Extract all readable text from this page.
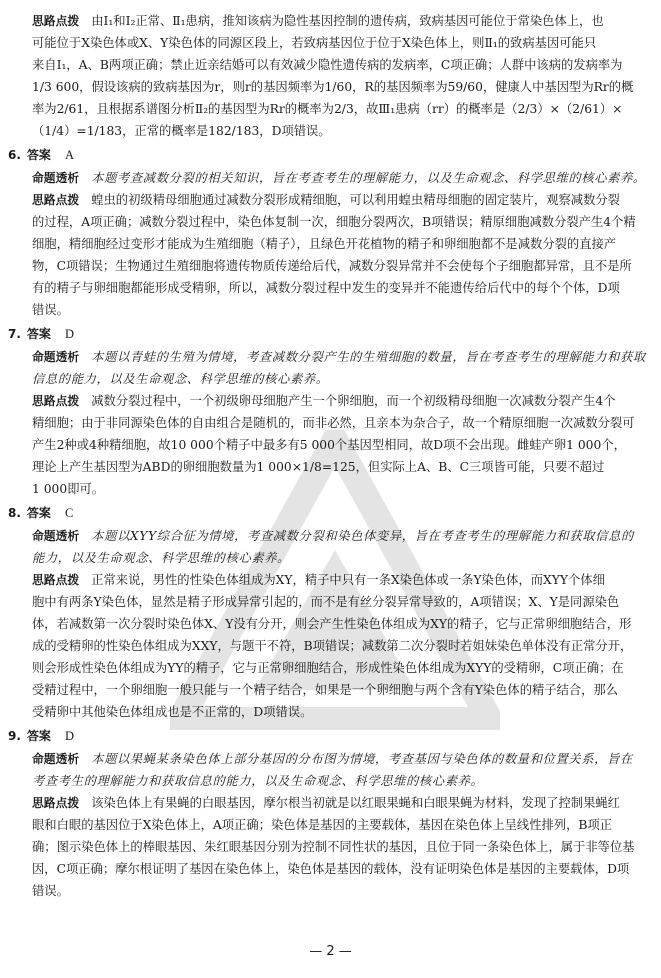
思路点拨 由Ⅰ₁和Ⅰ₂正常、Ⅱ₁患病，推知该病为隐性基因控制的遗传病，致病基因可能位于常染色体上，也

可能位于X染色体或X、Y染色体的同源区段上，若致病基因位于位于X染色体上，则Ⅱ₁的致病基因可能只

来自Ⅰ₁，A、B两项正确；禁止近亲结婚可以有效减少隐性遗传病的发病率，C项正确；人群中该病的发病率为

1/3 600，假设该病的致病基因为r，则r的基因频率为1/60，R的基因频率为59/60，健康人中基因型为Rr的概

率为2/61，且根据系谱图分析Ⅱ₂的基因型为Rr的概率为2/3，故Ⅲ₁患病（rr）的概率是（2/3）×（2/61）×

（1/4）=1/183，正常的概率是182/183，D项错误。

6. 答案 A

命题透析 本题考查减数分裂的相关知识，旨在考查考生的理解能力，以及生命观念、科学思维的核心素养。

思路点拨 蝗虫的初级精母细胞通过减数分裂形成精细胞，可以利用蝗虫精母细胞的固定装片，观察减数分裂

的过程，A项正确；减数分裂过程中，染色体复制一次，细胞分裂两次，B项错误；精原细胞减数分裂产生4个精

细胞，精细胞经过变形才能成为生殖细胞（精子），且绿色开花植物的精子和卵细胞都不是减数分裂的直接产

物，C项错误；生物通过生殖细胞将遗传物质传递给后代，减数分裂异常并不会使每个子细胞都异常，且不是所

有的精子与卵细胞都能形成受精卵，所以，减数分裂过程中发生的变异并不能遗传给后代中的每个个体，D项

错误。

7. 答案 D

命题透析 本题以青蛙的生殖为情境，考查减数分裂产生的生殖细胞的数量，旨在考查考生的理解能力和获取

信息的能力，以及生命观念、科学思维的核心素养。

思路点拨 减数分裂过程中，一个初级卵母细胞产生一个卵细胞，而一个初级精母细胞一次减数分裂产生4个

精细胞；由于非同源染色体的自由组合是随机的，而非必然，且亲本为杂合子，故一个精原细胞一次减数分裂可

产生2种或4种精细胞，故10 000个精子中最多有5 000个基因型相同，故D项不会出现。雌蛙产卵1 000个，

理论上产生基因型为ABD的卵细胞数量为1 000×1/8=125，但实际上A、B、C三项皆可能，只要不超过

1 000即可。

8. 答案 C

命题透析 本题以XYY综合征为情境，考查减数分裂和染色体变异，旨在考查考生的理解能力和获取信息的

能力，以及生命观念、科学思维的核心素养。

思路点拨 正常来说，男性的性染色体组成为XY，精子中只有一条X染色体或一条Y染色体，而XYY个体细

胞中有两条Y染色体，显然是精子形成异常引起的，而不是有丝分裂异常导致的，A项错误；X、Y是同源染色

体，若减数第一次分裂时染色体X、Y没有分开，则会产生性染色体组成为XY的精子，它与正常卵细胞结合，形

成的受精卵的性染色体组成为XXY，与题干不符，B项错误；减数第二次分裂时若姐妹染色单体没有正常分开，

则会形成性染色体组成为YY的精子，它与正常卵细胞结合，形成性染色体组成为XYY的受精卵，C项正确；在

受精过程中，一个卵细胞一般只能与一个精子结合，如果是一个卵细胞与两个含有Y染色体的精子结合，那么

受精卵中其他染色体组成也是不正常的，D项错误。

9. 答案 D

命题透析 本题以果蝇某条染色体上部分基因的分布图为情境，考查基因与染色体的数量和位置关系，旨在

考查考生的理解能力和获取信息的能力，以及生命观念、科学思维的核心素养。

思路点拨 该染色体上有果蝇的白眼基因，摩尔根当初就是以红眼果蝇和白眼果蝇为材料，发现了控制果蝇红

眼和白眼的基因位于X染色体上，A项正确；染色体是基因的主要载体，基因在染色体上呈线性排列，B项正

确；图示染色体上的棒眼基因、朱红眼基因分别为控制不同性状的基因，且位于同一条染色体上，属于非等位基

因，C项正确；摩尔根证明了基因在染色体上，染色体是基因的载体，没有证明染色体是基因的主要载体，D项

错误。

— 2 —
